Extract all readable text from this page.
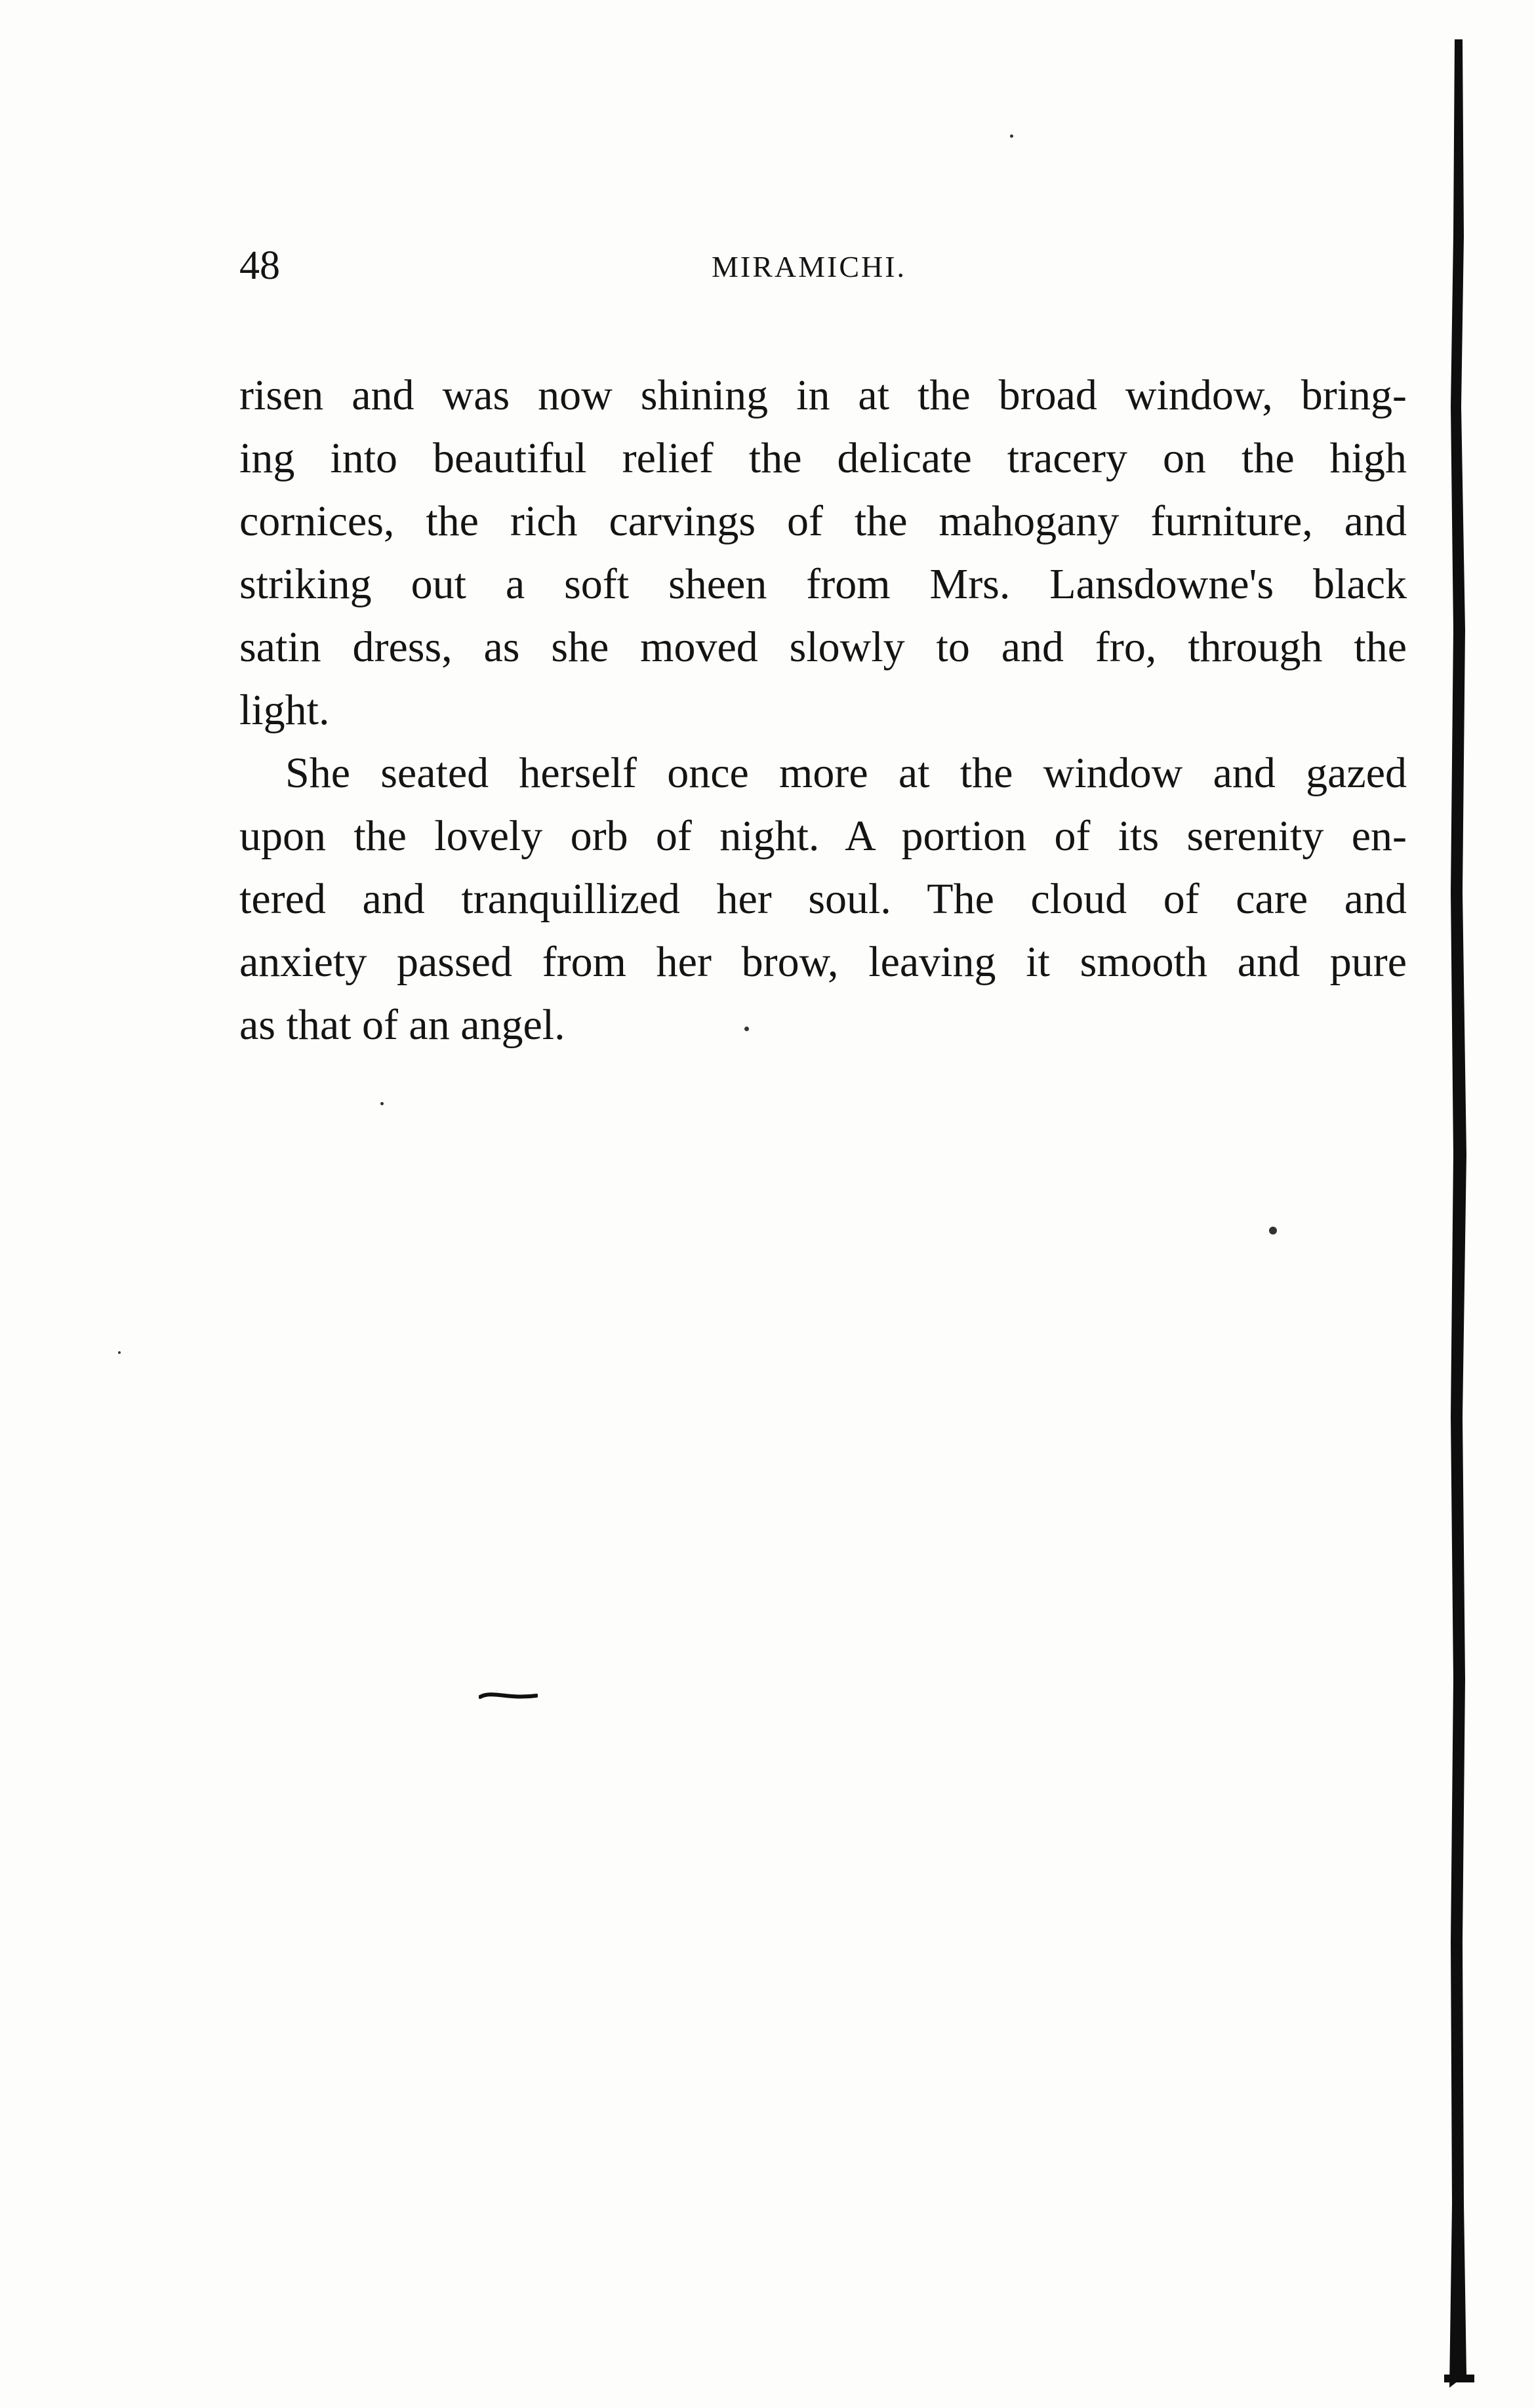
48	MIRAMICHI.
risen and was now shining in at the broad window, bring-
ing into beautiful relief the delicate tracery on the high
cornices, the rich carvings of the mahogany furniture, and
striking out a soft sheen from Mrs. Lansdowne's black
satin dress, as she moved slowly to and fro, through the
light.
She seated herself once more at the window and gazed
upon the lovely orb of night. A portion of its serenity en-
tered and tranquillized her soul. The cloud of care and
anxiety passed from her brow, leaving it smooth and pure
as that of an angel.
